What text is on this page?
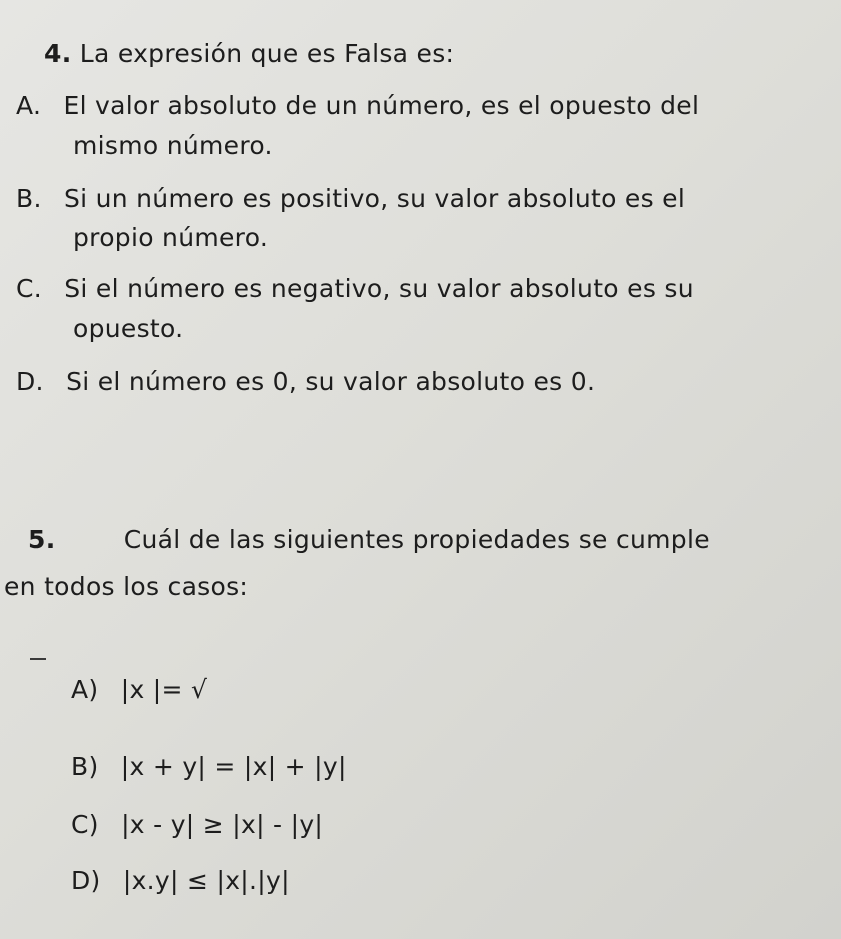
4. La expresión que es Falsa es:
A. El valor absoluto de un número, es el opuesto del
mismo número.
B. Si un número es positivo, su valor absoluto es el
propio número.
C. Si el número es negativo, su valor absoluto es su
opuesto.
D. Si el número es 0, su valor absoluto es 0.
5.	Cuál de las siguientes propiedades se cumple
en todos los casos:
A) |x |= √
B) |x + y| = |x| + |y|
C) |x - y| ≥ |x| - |y|
D) |x.y| ≤ |x|.|y|
